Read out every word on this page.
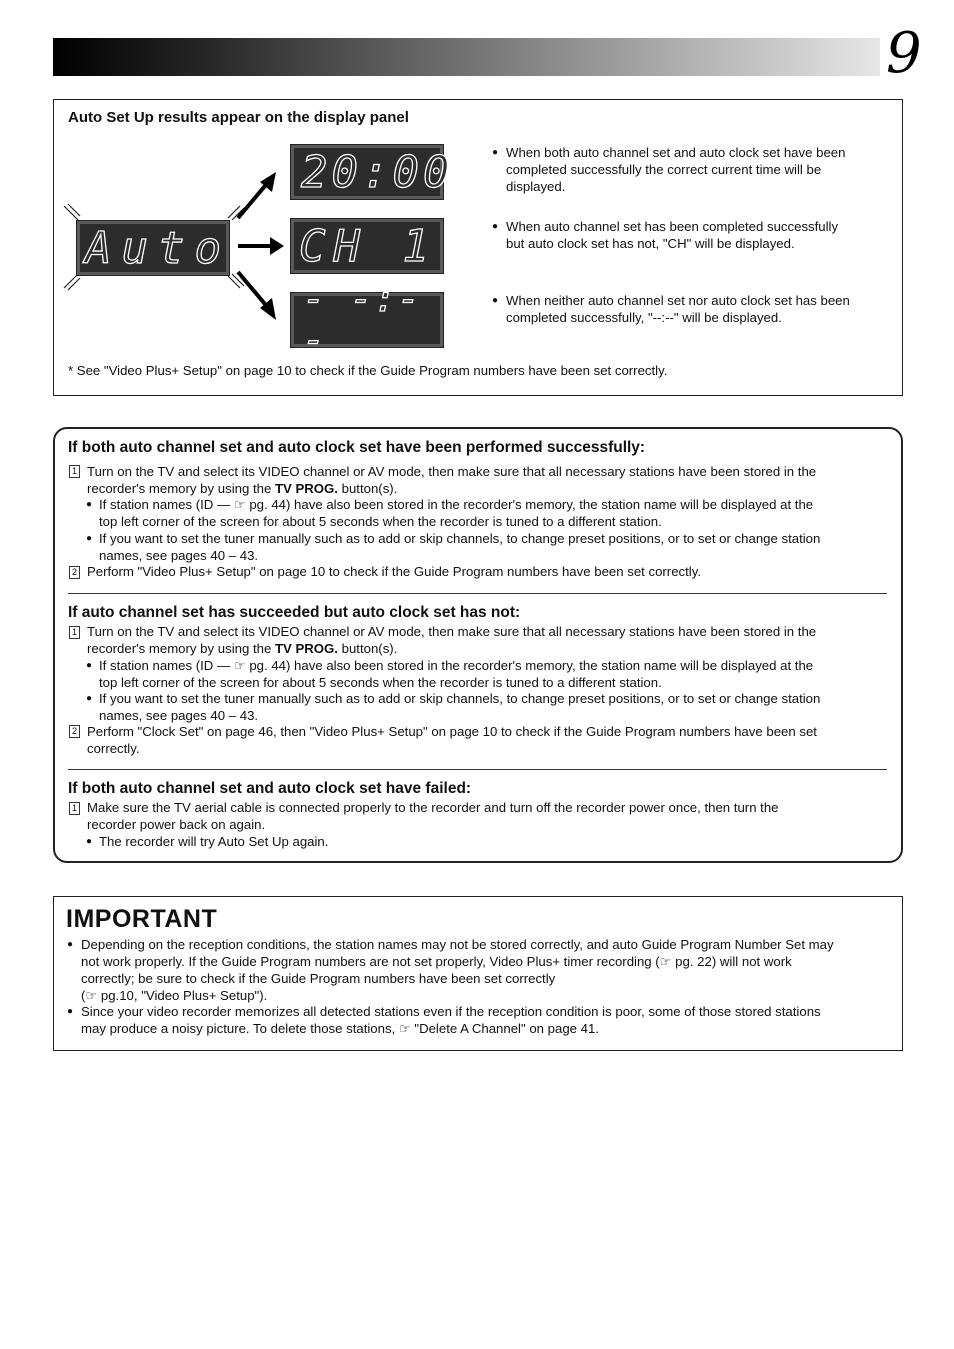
9
Auto Set Up results appear on the display panel
Auto
20:00
CH 1
- -:- -
● When both auto channel set and auto clock set have been
completed successfully the correct current time will be
displayed.
● When auto channel set has been completed successfully
but auto clock set has not, "CH" will be displayed.
● When neither auto channel set nor auto clock set has been
completed successfully, "--:--" will be displayed.
* See "Video Plus+ Setup" on page 10 to check if the Guide Program numbers have been set correctly.
If both auto channel set and auto clock set have been performed successfully:
1 Turn on the TV and select its VIDEO channel or AV mode, then make sure that all necessary stations have been stored in the
recorder's memory by using the TV PROG. button(s).
● If station names (ID — ☞ pg. 44) have also been stored in the recorder's memory, the station name will be displayed at the
top left corner of the screen for about 5 seconds when the recorder is tuned to a different station.
● If you want to set the tuner manually such as to add or skip channels, to change preset positions, or to set or change station
names, see pages 40 – 43.
2 Perform "Video Plus+ Setup" on page 10 to check if the Guide Program numbers have been set correctly.
If auto channel set has succeeded but auto clock set has not:
1 Turn on the TV and select its VIDEO channel or AV mode, then make sure that all necessary stations have been stored in the
recorder's memory by using the TV PROG. button(s).
● If station names (ID — ☞ pg. 44) have also been stored in the recorder's memory, the station name will be displayed at the
top left corner of the screen for about 5 seconds when the recorder is tuned to a different station.
● If you want to set the tuner manually such as to add or skip channels, to change preset positions, or to set or change station
names, see pages 40 – 43.
2 Perform "Clock Set" on page 46, then "Video Plus+ Setup" on page 10 to check if the Guide Program numbers have been set
correctly.
If both auto channel set and auto clock set have failed:
1 Make sure the TV aerial cable is connected properly to the recorder and turn off the recorder power once, then turn the
recorder power back on again.
● The recorder will try Auto Set Up again.
IMPORTANT
● Depending on the reception conditions, the station names may not be stored correctly, and auto Guide Program Number Set may
not work properly. If the Guide Program numbers are not set properly, Video Plus+ timer recording (☞ pg. 22) will not work
correctly; be sure to check if the Guide Program numbers have been set correctly
(☞ pg.10, "Video Plus+ Setup").
● Since your video recorder memorizes all detected stations even if the reception condition is poor, some of those stored stations
may produce a noisy picture. To delete those stations, ☞ "Delete A Channel" on page 41.
